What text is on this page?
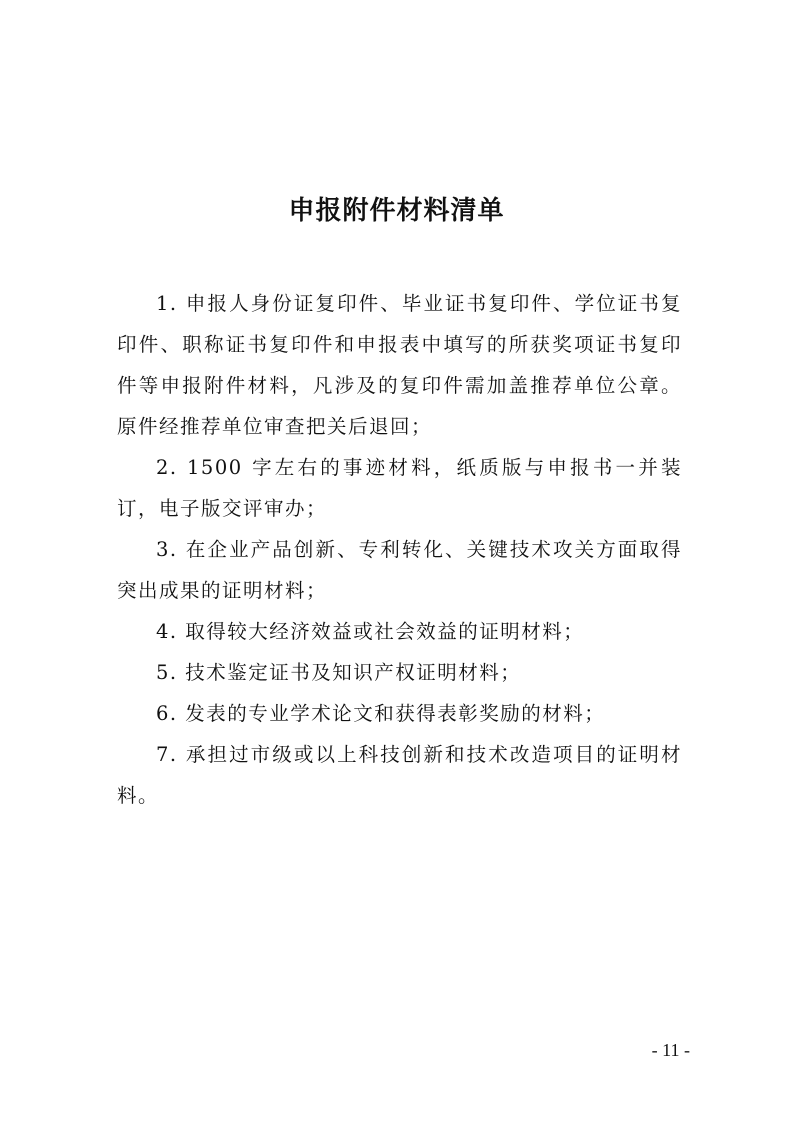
申报附件材料清单

1. 申报人身份证复印件、毕业证书复印件、学位证书复印件、职称证书复印件和申报表中填写的所获奖项证书复印件等申报附件材料，凡涉及的复印件需加盖推荐单位公章。原件经推荐单位审查把关后退回；

2. 1500 字左右的事迹材料，纸质版与申报书一并装订，电子版交评审办；

3. 在企业产品创新、专利转化、关键技术攻关方面取得突出成果的证明材料；

4. 取得较大经济效益或社会效益的证明材料；

5. 技术鉴定证书及知识产权证明材料；

6. 发表的专业学术论文和获得表彰奖励的材料；

7. 承担过市级或以上科技创新和技术改造项目的证明材料。

- 11 -
